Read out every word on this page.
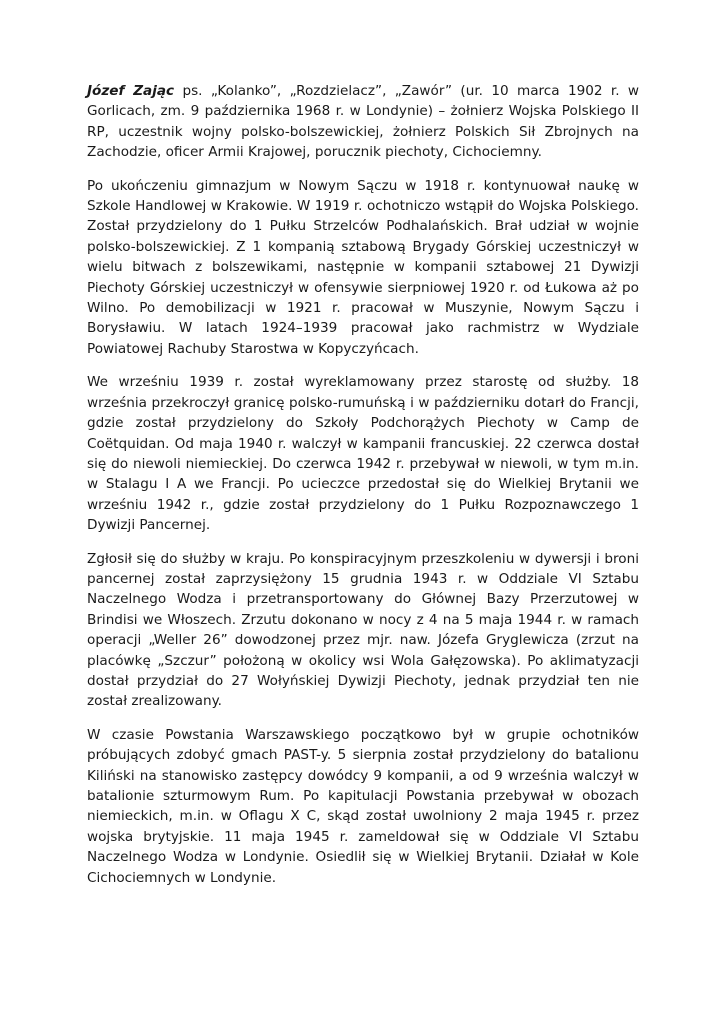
Józef Zając ps. „Kolanko”, „Rozdzielacz”, „Zawór” (ur. 10 marca 1902 r. w Gorlicach, zm. 9 października 1968 r. w Londynie) – żołnierz Wojska Polskiego II RP, uczestnik wojny polsko-bolszewickiej, żołnierz Polskich Sił Zbrojnych na Zachodzie, oficer Armii Krajowej, porucznik piechoty, Cichociemny.

Po ukończeniu gimnazjum w Nowym Sączu w 1918 r. kontynuował naukę w Szkole Handlowej w Krakowie. W 1919 r. ochotniczo wstąpił do Wojska Polskiego. Został przydzielony do 1 Pułku Strzelców Podhalańskich. Brał udział w wojnie polsko-bolszewickiej. Z 1 kompanią sztabową Brygady Górskiej uczestniczył w wielu bitwach z bolszewikami, następnie w kompanii sztabowej 21 Dywizji Piechoty Górskiej uczestniczył w ofensywie sierpniowej 1920 r. od Łukowa aż po Wilno. Po demobilizacji w 1921 r. pracował w Muszynie, Nowym Sączu i Borysławiu. W latach 1924–1939 pracował jako rachmistrz w Wydziale Powiatowej Rachuby Starostwa w Kopyczyńcach.

We wrześniu 1939 r. został wyreklamowany przez starostę od służby. 18 września przekroczył granicę polsko-rumuńską i w październiku dotarł do Francji, gdzie został przydzielony do Szkoły Podchorążych Piechoty w Camp de Coëtquidan. Od maja 1940 r. walczył w kampanii francuskiej. 22 czerwca dostał się do niewoli niemieckiej. Do czerwca 1942 r. przebywał w niewoli, w tym m.in. w Stalagu I A we Francji. Po ucieczce przedostał się do Wielkiej Brytanii we wrześniu 1942 r., gdzie został przydzielony do 1 Pułku Rozpoznawczego 1 Dywizji Pancernej.

Zgłosił się do służby w kraju. Po konspiracyjnym przeszkoleniu w dywersji i broni pancernej został zaprzysiężony 15 grudnia 1943 r. w Oddziale VI Sztabu Naczelnego Wodza i przetransportowany do Głównej Bazy Przerzutowej w Brindisi we Włoszech. Zrzutu dokonano w nocy z 4 na 5 maja 1944 r. w ramach operacji „Weller 26” dowodzonej przez mjr. naw. Józefa Gryglewicza (zrzut na placówkę „Szczur” położoną w okolicy wsi Wola Gałęzowska). Po aklimatyzacji dostał przydział do 27 Wołyńskiej Dywizji Piechoty, jednak przydział ten nie został zrealizowany.

W czasie Powstania Warszawskiego początkowo był w grupie ochotników próbujących zdobyć gmach PAST-y. 5 sierpnia został przydzielony do batalionu Kiliński na stanowisko zastępcy dowódcy 9 kompanii, a od 9 września walczył w batalionie szturmowym Rum. Po kapitulacji Powstania przebywał w obozach niemieckich, m.in. w Oflagu X C, skąd został uwolniony 2 maja 1945 r. przez wojska brytyjskie. 11 maja 1945 r. zameldował się w Oddziale VI Sztabu Naczelnego Wodza w Londynie. Osiedlił się w Wielkiej Brytanii. Działał w Kole Cichociemnych w Londynie.
